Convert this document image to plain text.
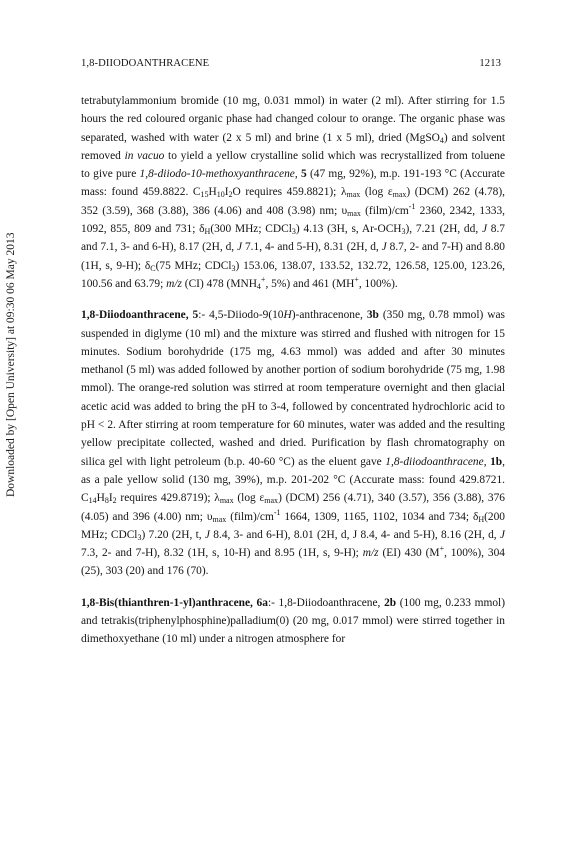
1,8-DIIODOANTHRACENE	1213
Downloaded by [Open University] at 09:30 06 May 2013

tetrabutylammonium bromide (10 mg, 0.031 mmol) in water (2 ml). After stirring for 1.5 hours the red coloured organic phase had changed colour to orange. The organic phase was separated, washed with water (2 x 5 ml) and brine (1 x 5 ml), dried (MgSO$_4$) and solvent removed in vacuo to yield a yellow crystalline solid which was recrystallized from toluene to give pure 1,8-diiodo-10-methoxyanthracene, 5 (47 mg, 92%), m.p. 191-193 °C (Accurate mass: found 459.8822. $C_{15}H_{10}I_2O$ requires 459.8821); $\lambda_{max}$ (log $\varepsilon_{max}$) (DCM) 262 (4.78), 352 (3.59), 368 (3.88), 386 (4.06) and 408 (3.98) nm; $\upsilon_{max}$ $(film)/cm^{-1}$ 2360, 2342, 1333, 1092, 855, 809 and 731; $\delta_H(300$ MHz; CDCl$_3$) 4.13 (3H, s, $Ar-OCH_3$), 7.21 (2H, dd, J 8.7 and 7.1, 3- and 6-H), 8.17 (2H, d, J 7.1, 4- and 5-H), 8.31 (2H, d, J 8.7, 2- and 7-H) and 8.80 (1H, s, 9-H); $\delta_C(75$ MHz; CDCl$_3$) 153.06, 138.07, 133.52, 132.72, 126.58, 125.00, 123.26, 100.56 and 63.79; m/z (CI) 478 ($MNH_4^+$, 5%) and 461 (MH+, 100%).

1,8-Diiodoanthracene, 5:- 4,5-Diiodo-9(10H)-anthracenone, 3b (350 mg, 0.78 mmol) was suspended in diglyme (10 ml) and the mixture was stirred and flushed with nitrogen for 15 minutes. Sodium borohydride (175 mg, 4.63 mmol) was added and after 30 minutes methanol (5 ml) was added followed by another portion of sodium borohydride (75 mg, 1.98 mmol). The orange-red solution was stirred at room temperature overnight and then glacial acetic acid was added to bring the pH to 3-4, followed by concentrated hydrochloric acid to pH < 2. After stirring at room temperature for 60 minutes, water was added and the resulting yellow precipitate collected, washed and dried. Purification by flash chromatography on silica gel with light petroleum (b.p. 40-60 °C) as the eluent gave 1,8-diiodoanthracene, 1b, as a pale yellow solid (130 mg, 39%), m.p. 201-202 °C (Accurate mass: found 429.8721. $C_{14}H_8I_2$ requires 429.8719); $\lambda_{max}$ (log $\varepsilon_{max}$) (DCM) 256 (4.71), 340 (3.57), 356 (3.88), 376 (4.05) and 396 (4.00) nm; $\upsilon_{max}$ $(film)/cm^{-1}$ 1664, 1309, 1165, 1102, 1034 and 734; $\delta_H(200$ MHz; CDCl$_3$) 7.20 (2H, t, J 8.4, 3- and 6-H), 8.01 (2H, d, J 8.4, 4- and 5-H), 8.16 (2H, d, J 7.3, 2- and 7-H), 8.32 (1H, s, 10-H) and 8.95 (1H, s, 9-H); m/z (EI) 430 (M+, 100%), 304 (25), 303 (20) and 176 (70).

1,8-Bis(thianthren-1-yl)anthracene, 6a:- 1,8-Diiodoanthracene, 2b (100 mg, 0.233 mmol) and tetrakis(triphenylphosphine)palladium(0) (20 mg, 0.017 mmol) were stirred together in dimethoxyethane (10 ml) under a nitrogen atmosphere for
